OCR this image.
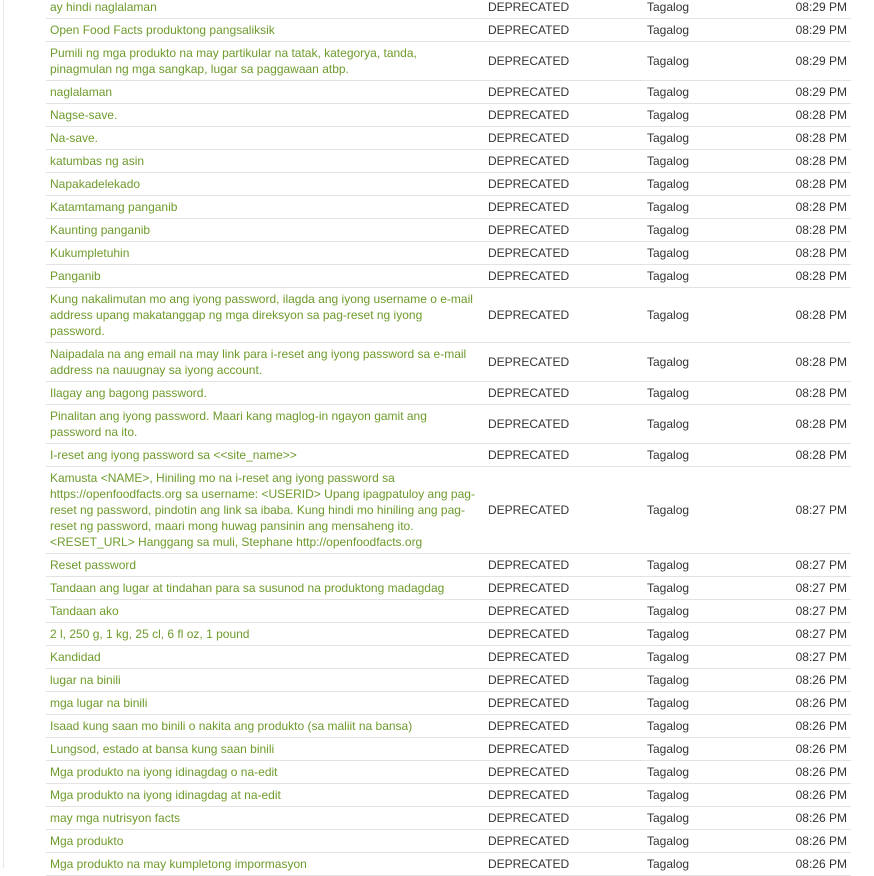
ay hindi naglalaman	DEPRECATED	Tagalog	08:29 PM
Open Food Facts produktong pangsaliksik	DEPRECATED	Tagalog	08:29 PM
Pumili ng mga produkto na may partikular na tatak, kategorya, tanda, pinagmulan ng mga sangkap, lugar sa paggawaan atbp.	DEPRECATED	Tagalog	08:29 PM
naglalaman	DEPRECATED	Tagalog	08:29 PM
Nagse-save.	DEPRECATED	Tagalog	08:28 PM
Na-save.	DEPRECATED	Tagalog	08:28 PM
katumbas ng asin	DEPRECATED	Tagalog	08:28 PM
Napakadelekado	DEPRECATED	Tagalog	08:28 PM
Katamtamang panganib	DEPRECATED	Tagalog	08:28 PM
Kaunting panganib	DEPRECATED	Tagalog	08:28 PM
Kukumpletuhin	DEPRECATED	Tagalog	08:28 PM
Panganib	DEPRECATED	Tagalog	08:28 PM
Kung nakalimutan mo ang iyong password, ilagda ang iyong username o e-mail address upang makatanggap ng mga direksyon sa pag-reset ng iyong password.	DEPRECATED	Tagalog	08:28 PM
Naipadala na ang email na may link para i-reset ang iyong password sa e-mail address na nauugnay sa iyong account.	DEPRECATED	Tagalog	08:28 PM
Ilagay ang bagong password.	DEPRECATED	Tagalog	08:28 PM
Pinalitan ang iyong password. Maari kang maglog-in ngayon gamit ang password na ito.	DEPRECATED	Tagalog	08:28 PM
I-reset ang iyong password sa <<site_name>>	DEPRECATED	Tagalog	08:28 PM
Kamusta <NAME>, Hiniling mo na i-reset ang iyong password sa https://openfoodfacts.org sa username: <USERID> Upang ipagpatuloy ang pag-reset ng password, pindotin ang link sa ibaba. Kung hindi mo hiniling ang pag-reset ng password, maari mong huwag pansinin ang mensaheng ito. <RESET_URL> Hanggang sa muli, Stephane http://openfoodfacts.org	DEPRECATED	Tagalog	08:27 PM
Reset password	DEPRECATED	Tagalog	08:27 PM
Tandaan ang lugar at tindahan para sa susunod na produktong madagdag	DEPRECATED	Tagalog	08:27 PM
Tandaan ako	DEPRECATED	Tagalog	08:27 PM
2 l, 250 g, 1 kg, 25 cl, 6 fl oz, 1 pound	DEPRECATED	Tagalog	08:27 PM
Kandidad	DEPRECATED	Tagalog	08:27 PM
lugar na binili	DEPRECATED	Tagalog	08:26 PM
mga lugar na binili	DEPRECATED	Tagalog	08:26 PM
Isaad kung saan mo binili o nakita ang produkto (sa maliit na bansa)	DEPRECATED	Tagalog	08:26 PM
Lungsod, estado at bansa kung saan binili	DEPRECATED	Tagalog	08:26 PM
Mga produkto na iyong idinagdag o na-edit	DEPRECATED	Tagalog	08:26 PM
Mga produkto na iyong idinagdag at na-edit	DEPRECATED	Tagalog	08:26 PM
may mga nutrisyon facts	DEPRECATED	Tagalog	08:26 PM
Mga produkto	DEPRECATED	Tagalog	08:26 PM
Mga produkto na may kumpletong impormasyon	DEPRECATED	Tagalog	08:26 PM
